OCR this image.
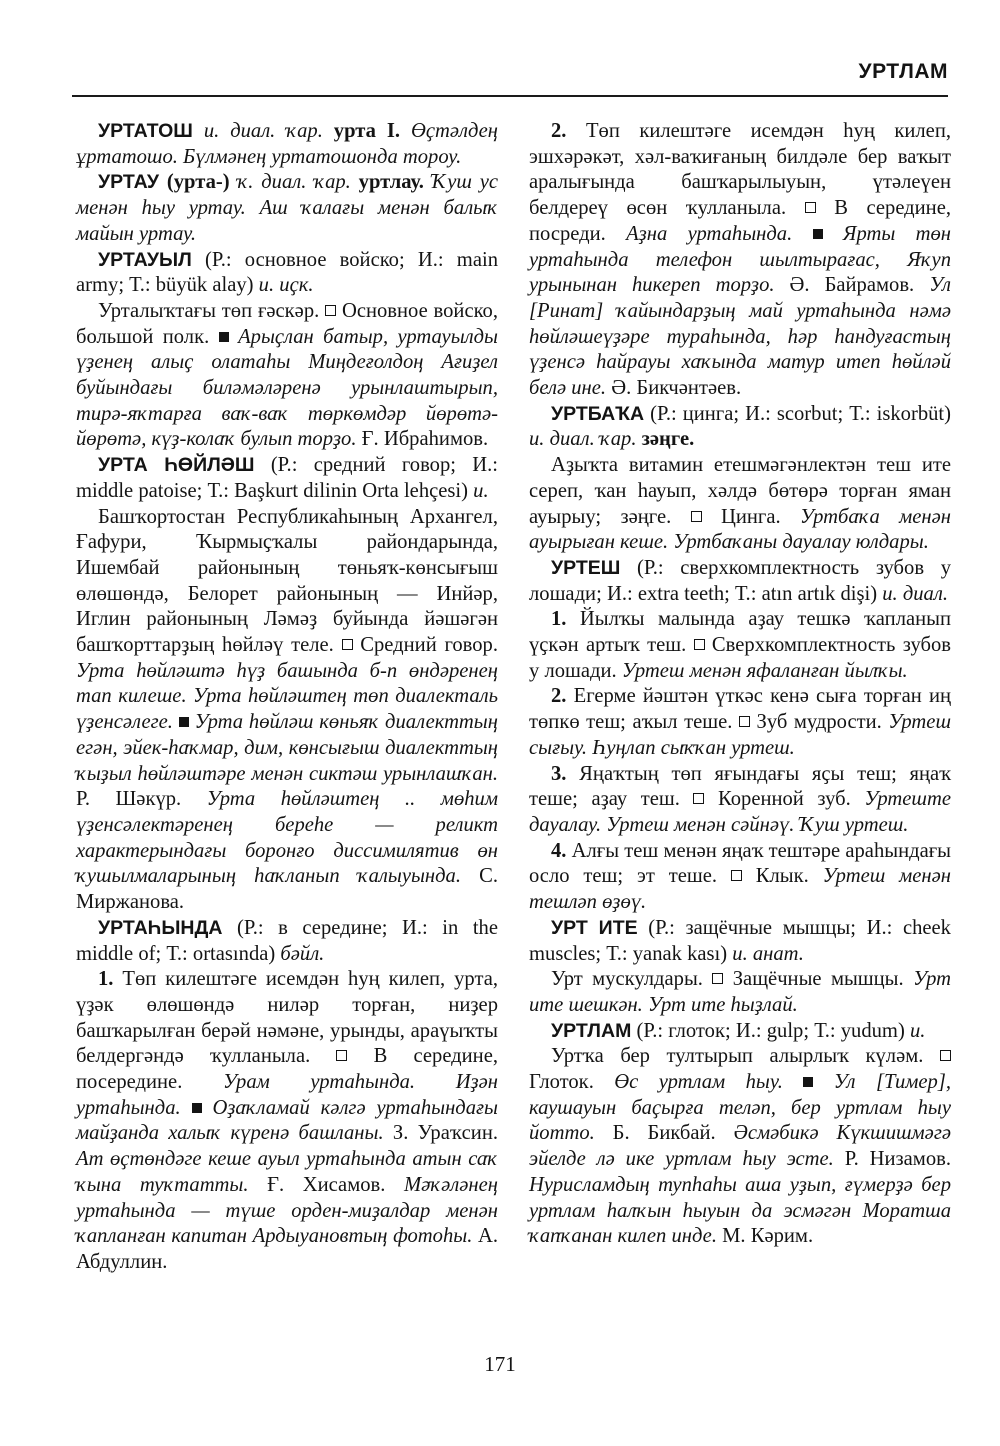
УРТЛАМ

УРТАТОШ и. диал. ҡар. урта I. Өҫтәлдең ұртатошо. Бүлмәнең уртатошонда тороу.

УРТАУ (урта-) ҡ. диал. ҡар. уртлау. Ҡуш ус менән һыу уртау. Аш ҡалағы менән балыҡ майын уртау.

УРТАУЫЛ (Р.: основное войско; И.: main army; Т.: büyük alay) и. иҫк.

Урталыҡтағы төп ғәскәр.  Основное войско, большой полк.  Арыҫлан батыр, уртауылды үҙенең алыҫ олатаһы Миңдеғолдоң Ағиҙел буйындағы биләмәләренә урынлаштырып, тирә-яҡтарға ваҡ-ваҡ төркөмдәр йөрөтә-йөрөтә, күҙ-колаҡ булып торҙо. Ғ. Ибраһимов.

УРТА ҺӨЙЛӘШ (Р.: средний говор; И.: middle patoise; Т.: Başkurt dilinin Orta lehçesi) и.

Башҡортостан Республикаһының Архангел, Ғафури, Ҡырмыҫҡалы райондарында, Ишембай районының төньяҡ-көнсығыш өлөшөндә, Белорет районының — Инйәр, Иглин районының Ләмәҙ буйында йәшәгән башҡорттарҙың һөйләү теле.  Средний говор. Урта һөйләштә һүҙ башында б-п өндәренең тап килеше. Урта һөйләштең төп диалекталь үҙенсәлеге. Урта һөйләш көньяҡ диалекттың егән, эйек-һаҡмар, дим, көнсығыш диалекттың ҡыҙыл һөйләштәре менән сиктәш урынлашҡан. Р. Шәкүр. Урта һөйләштең .. мөһим үҙенсәлектәренең береһе — реликт характерындағы боронғо диссимилятив өн ҡушылмаларының һаҡланып ҡалыуында. С. Миржанова.

УРТАҺЫНДА (Р.: в середине; И.: in the middle of; Т.: ortasında) бәйл.

1. Төп килештәге исемдән һуң килеп, урта, үҙәк өлөшөндә ниләр торған, ниҙер башҡарылған берәй нәмәне, урынды, араүыҡты белдергәндә ҡулланыла.  В середине, посередине. Урам уртаһында. Иҙән уртаһында.  Оҙаҡламай кәлгә уртаһындағы майҙанда халыҡ күренә башланы. З. Ураҡсин. Ат өҫтөндәге кеше ауыл уртаһында атын саҡ ҡына туҡтатты. Ғ. Хисамов. Мәҡәләнең уртаһында — түше орден-миҙалдар менән ҡапланған капитан Ардыуановтың фотоһы. А. Абдуллин.

2. Төп килештәге исемдән һуң килеп, эшхәрәкәт, хәл-ваҡиғаның билдәле бер ваҡыт аралығында башҡарылыуын, үтәлеүен белдереү өсөн ҡулланыла.  В середине, посреди. Аҙна уртаһында.  Ярты төн уртаһында телефон шылтырағас, Яҡуп урынынан һикереп торҙо. Ә. Байрамов. Ул [Ринат] ҡайындарҙың май уртаһында нәмә һөйләшеүҙәре тураһында, һәр һандуғастың үҙенсә һайрауы хаҡында матур итеп һөйләй белә ине. Ә. Бикчәнтәев.

УРТБАҠА (Р.: цинга; И.: scorbut; Т.: iskorbüt) и. диал. ҡар. зәңге.

Аҙыҡта витамин етешмәгәнлектән теш ите сереп, ҡан һауып, хәлдә бөтөрә торған яман ауырыу; зәңге.  Цинга. Уртбаҡа менән ауырыған кеше. Уртбаҡаны дауалау юлдары.

УРТЕШ (Р.: сверхкомплектность зубов у лошади; И.: extra teeth; Т.: atın artık dişi) и. диал.

1. Йылҡы малында аҙау тешкә ҡапланып үҫкән артыҡ теш.  Сверхкомплектность зубов у лошади. Уртеш менән яфаланған йылҡы.

2. Егерме йәштән үткәс кенә сыға торған иң төпкө теш; аҡыл теше.  Зуб мудрости. Уртеш сығыу. Һуңлап сыҡҡан уртеш.

3. Яңаҡтың төп яғындағы яҫы теш; яңаҡ теше; аҙау теш.  Коренной зуб. Уртеште дауалау. Уртеш менән сәйнәү. Ҡуш уртеш.

4. Алғы теш менән яңаҡ тештәре араһындағы осло теш; эт теше.  Клык. Уртеш менән тешләп өҙөү.

УРТ ИТЕ (Р.: защёчные мышцы; И.: cheek muscles; Т.: yanak kası) и. анат.

Урт мускулдары.  Защёчные мышцы. Урт ите шешкән. Урт ите һыҙлай.

УРТЛАМ (Р.: глоток; И.: gulp; Т.: yudum) и.

Уртҡа бер тултырып алырлыҡ күләм.  Глоток. Өс уртлам һыу.  Ул [Тимер], каушауын баҫырға теләп, бер уртлам һыу йотто. Б. Бикбай. Әсмәбикә Күкшишмәгә эйелде лә ике уртлам һыу эсте. Р. Низамов. Нурисламдың тупһаһы аша уҙып, ғүмерҙә бер уртлам һалҡын һыуын да эсмәгән Моратша ҡапҡанан килеп инде. М. Кәрим.

171
